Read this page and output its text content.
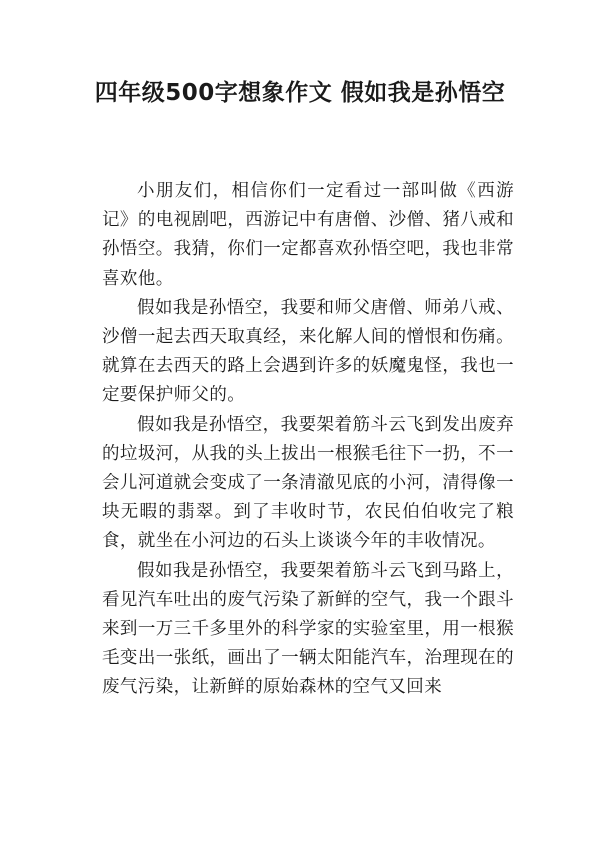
四年级500字想象作文 假如我是孙悟空

小朋友们，相信你们一定看过一部叫做《西游记》的电视剧吧，西游记中有唐僧、沙僧、猪八戒和孙悟空。我猜，你们一定都喜欢孙悟空吧，我也非常喜欢他。

假如我是孙悟空，我要和师父唐僧、师弟八戒、沙僧一起去西天取真经，来化解人间的憎恨和伤痛。就算在去西天的路上会遇到许多的妖魔鬼怪，我也一定要保护师父的。

假如我是孙悟空，我要架着筋斗云飞到发出废弃的垃圾河，从我的头上拔出一根猴毛往下一扔，不一会儿河道就会变成了一条清澈见底的小河，清得像一块无暇的翡翠。到了丰收时节，农民伯伯收完了粮食，就坐在小河边的石头上谈谈今年的丰收情况。

假如我是孙悟空，我要架着筋斗云飞到马路上，看见汽车吐出的废气污染了新鲜的空气，我一个跟斗来到一万三千多里外的科学家的实验室里，用一根猴毛变出一张纸，画出了一辆太阳能汽车，治理现在的废气污染，让新鲜的原始森林的空气又回来
